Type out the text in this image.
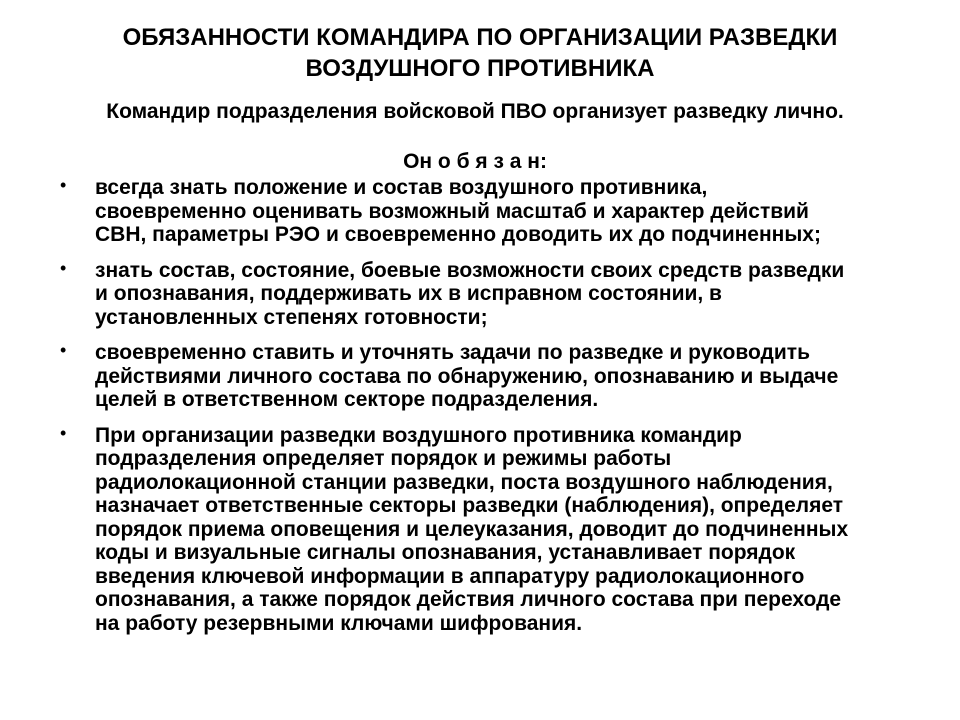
ОБЯЗАННОСТИ КОМАНДИРА ПО ОРГАНИЗАЦИИ РАЗВЕДКИ
ВОЗДУШНОГО ПРОТИВНИКА

Командир подразделения войсковой ПВО организует разведку лично.

Он о б я з а н:

• всегда знать положение и состав воздушного противника, своевременно оценивать возможный масштаб и характер действий СВН, параметры РЭО и своевременно доводить их до подчиненных;
• знать состав, состояние, боевые возможности своих средств разведки и опознавания, поддерживать их в исправном состоянии, в установленных степенях готовности;
• своевременно ставить и уточнять задачи по разведке и руководить действиями личного состава по обнаружению, опознаванию и выдаче целей в ответственном секторе подразделения.
• При организации разведки воздушного противника командир подразделения определяет порядок и режимы работы радиолокационной станции разведки, поста воздушного наблюдения, назначает ответственные секторы разведки (наблюдения), определяет порядок приема оповещения и целеуказания, доводит до подчиненных коды и визуальные сигналы опознавания, устанавливает порядок введения ключевой информации в аппаратуру радиолокационного опознавания, а также порядок действия личного состава при переходе на работу резервными ключами шифрования.
